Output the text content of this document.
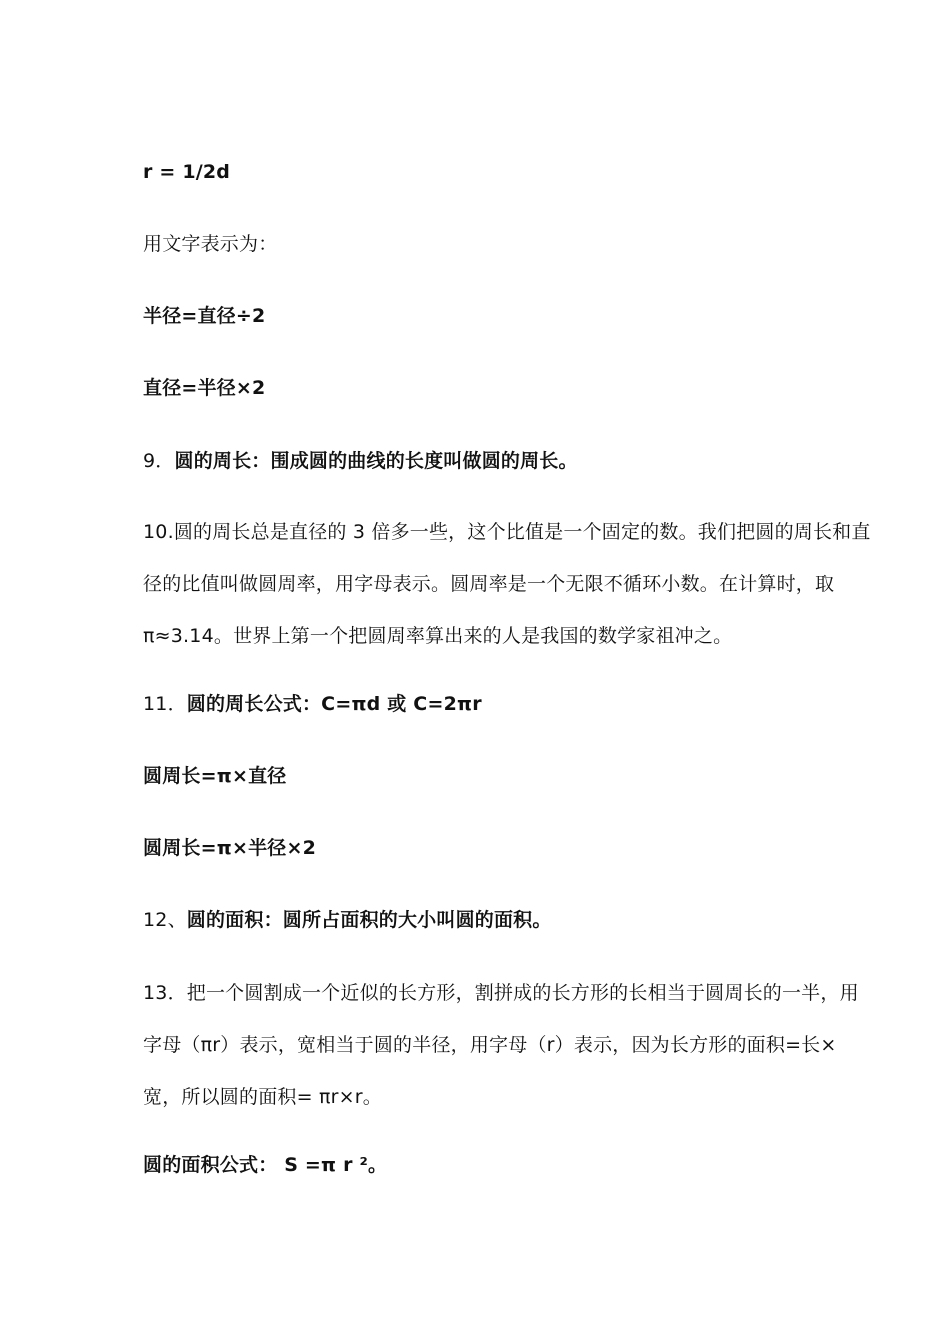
r = 1/2d
用文字表示为：
半径=直径÷2
直径=半径×2
9．圆的周长：围成圆的曲线的长度叫做圆的周长。
10.圆的周长总是直径的 3 倍多一些，这个比值是一个固定的数。我们把圆的周长和直
径的比值叫做圆周率，用字母表示。圆周率是一个无限不循环小数。在计算时，取
π≈3.14。世界上第一个把圆周率算出来的人是我国的数学家祖冲之。
11．圆的周长公式：C=πd 或 C=2πr
圆周长=π×直径
圆周长=π×半径×2
12、圆的面积：圆所占面积的大小叫圆的面积。
13．把一个圆割成一个近似的长方形，割拼成的长方形的长相当于圆周长的一半，用
字母（πr）表示，宽相当于圆的半径，用字母（r）表示，因为长方形的面积=长×
宽，所以圆的面积= πr×r。
圆的面积公式： S =π r ²。
